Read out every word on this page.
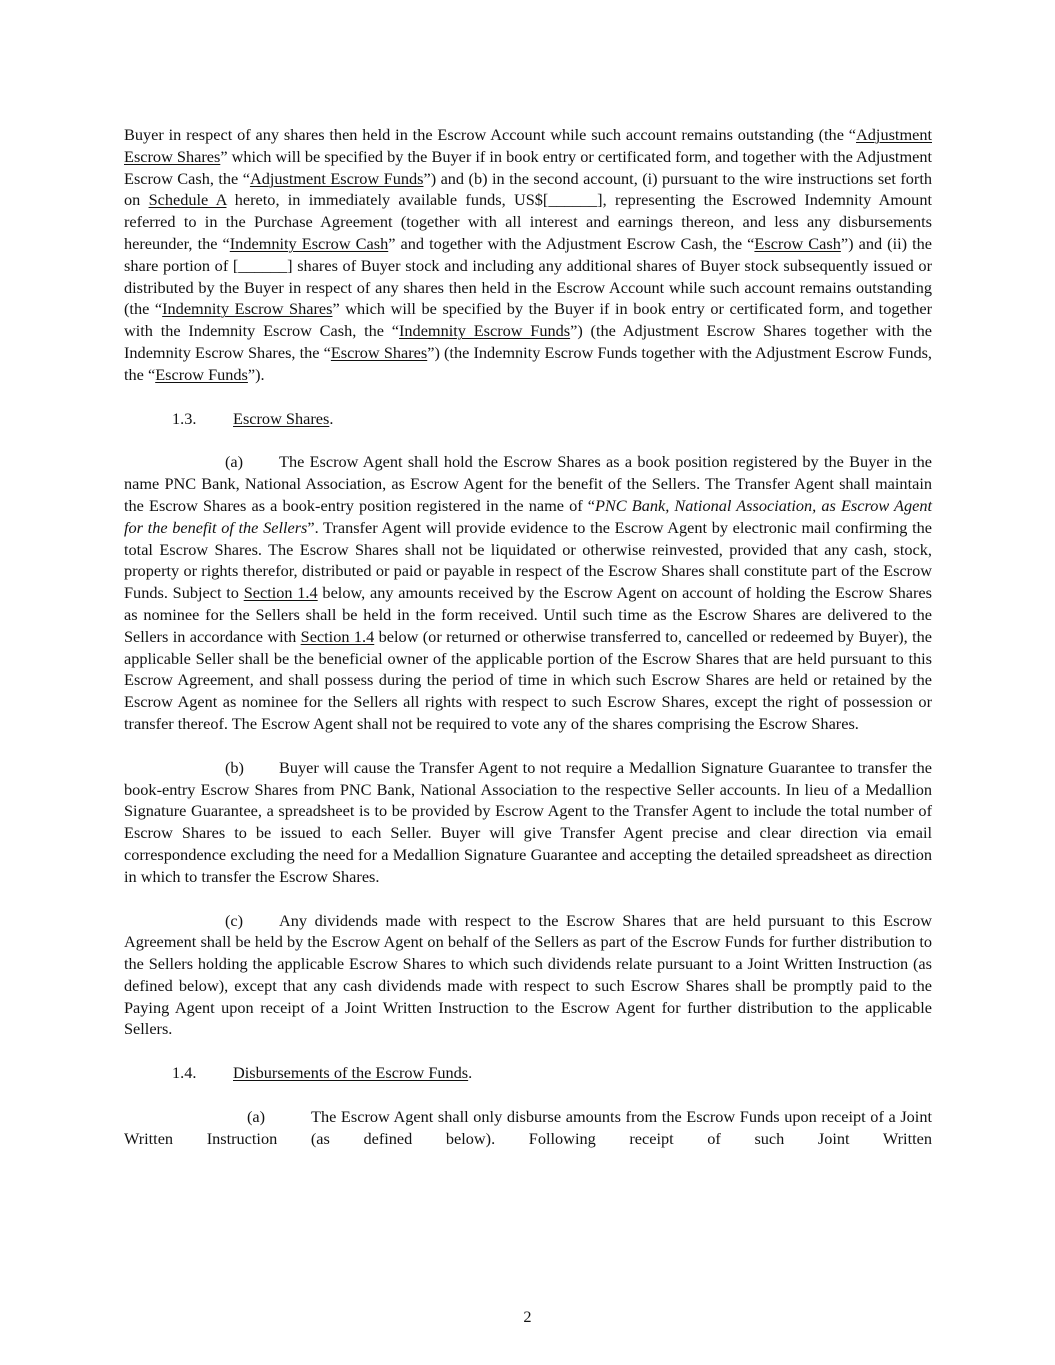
Buyer in respect of any shares then held in the Escrow Account while such account remains outstanding (the “Adjustment Escrow Shares” which will be specified by the Buyer if in book entry or certificated form, and together with the Adjustment Escrow Cash, the “Adjustment Escrow Funds”) and (b) in the second account, (i) pursuant to the wire instructions set forth on Schedule A hereto, in immediately available funds, US$[______], representing the Escrowed Indemnity Amount referred to in the Purchase Agreement (together with all interest and earnings thereon, and less any disbursements hereunder, the “Indemnity Escrow Cash” and together with the Adjustment Escrow Cash, the “Escrow Cash”) and (ii) the share portion of [______] shares of Buyer stock and including any additional shares of Buyer stock subsequently issued or distributed by the Buyer in respect of any shares then held in the Escrow Account while such account remains outstanding (the “Indemnity Escrow Shares” which will be specified by the Buyer if in book entry or certificated form, and together with the Indemnity Escrow Cash, the “Indemnity Escrow Funds”) (the Adjustment Escrow Shares together with the Indemnity Escrow Shares, the “Escrow Shares”) (the Indemnity Escrow Funds together with the Adjustment Escrow Funds, the “Escrow Funds”).

1.3. Escrow Shares.

(a) The Escrow Agent shall hold the Escrow Shares as a book position registered by the Buyer in the name PNC Bank, National Association, as Escrow Agent for the benefit of the Sellers. The Transfer Agent shall maintain the Escrow Shares as a book-entry position registered in the name of “PNC Bank, National Association, as Escrow Agent for the benefit of the Sellers”. Transfer Agent will provide evidence to the Escrow Agent by electronic mail confirming the total Escrow Shares. The Escrow Shares shall not be liquidated or otherwise reinvested, provided that any cash, stock, property or rights therefor, distributed or paid or payable in respect of the Escrow Shares shall constitute part of the Escrow Funds. Subject to Section 1.4 below, any amounts received by the Escrow Agent on account of holding the Escrow Shares as nominee for the Sellers shall be held in the form received. Until such time as the Escrow Shares are delivered to the Sellers in accordance with Section 1.4 below (or returned or otherwise transferred to, cancelled or redeemed by Buyer), the applicable Seller shall be the beneficial owner of the applicable portion of the Escrow Shares that are held pursuant to this Escrow Agreement, and shall possess during the period of time in which such Escrow Shares are held or retained by the Escrow Agent as nominee for the Sellers all rights with respect to such Escrow Shares, except the right of possession or transfer thereof. The Escrow Agent shall not be required to vote any of the shares comprising the Escrow Shares.

(b) Buyer will cause the Transfer Agent to not require a Medallion Signature Guarantee to transfer the book-entry Escrow Shares from PNC Bank, National Association to the respective Seller accounts. In lieu of a Medallion Signature Guarantee, a spreadsheet is to be provided by Escrow Agent to the Transfer Agent to include the total number of Escrow Shares to be issued to each Seller. Buyer will give Transfer Agent precise and clear direction via email correspondence excluding the need for a Medallion Signature Guarantee and accepting the detailed spreadsheet as direction in which to transfer the Escrow Shares.

(c) Any dividends made with respect to the Escrow Shares that are held pursuant to this Escrow Agreement shall be held by the Escrow Agent on behalf of the Sellers as part of the Escrow Funds for further distribution to the Sellers holding the applicable Escrow Shares to which such dividends relate pursuant to a Joint Written Instruction (as defined below), except that any cash dividends made with respect to such Escrow Shares shall be promptly paid to the Paying Agent upon receipt of a Joint Written Instruction to the Escrow Agent for further distribution to the applicable Sellers.

1.4. Disbursements of the Escrow Funds.

(a)	The Escrow Agent shall only disburse amounts from the Escrow Funds upon receipt of a Joint Written Instruction (as defined below). Following receipt of such Joint Written

2
